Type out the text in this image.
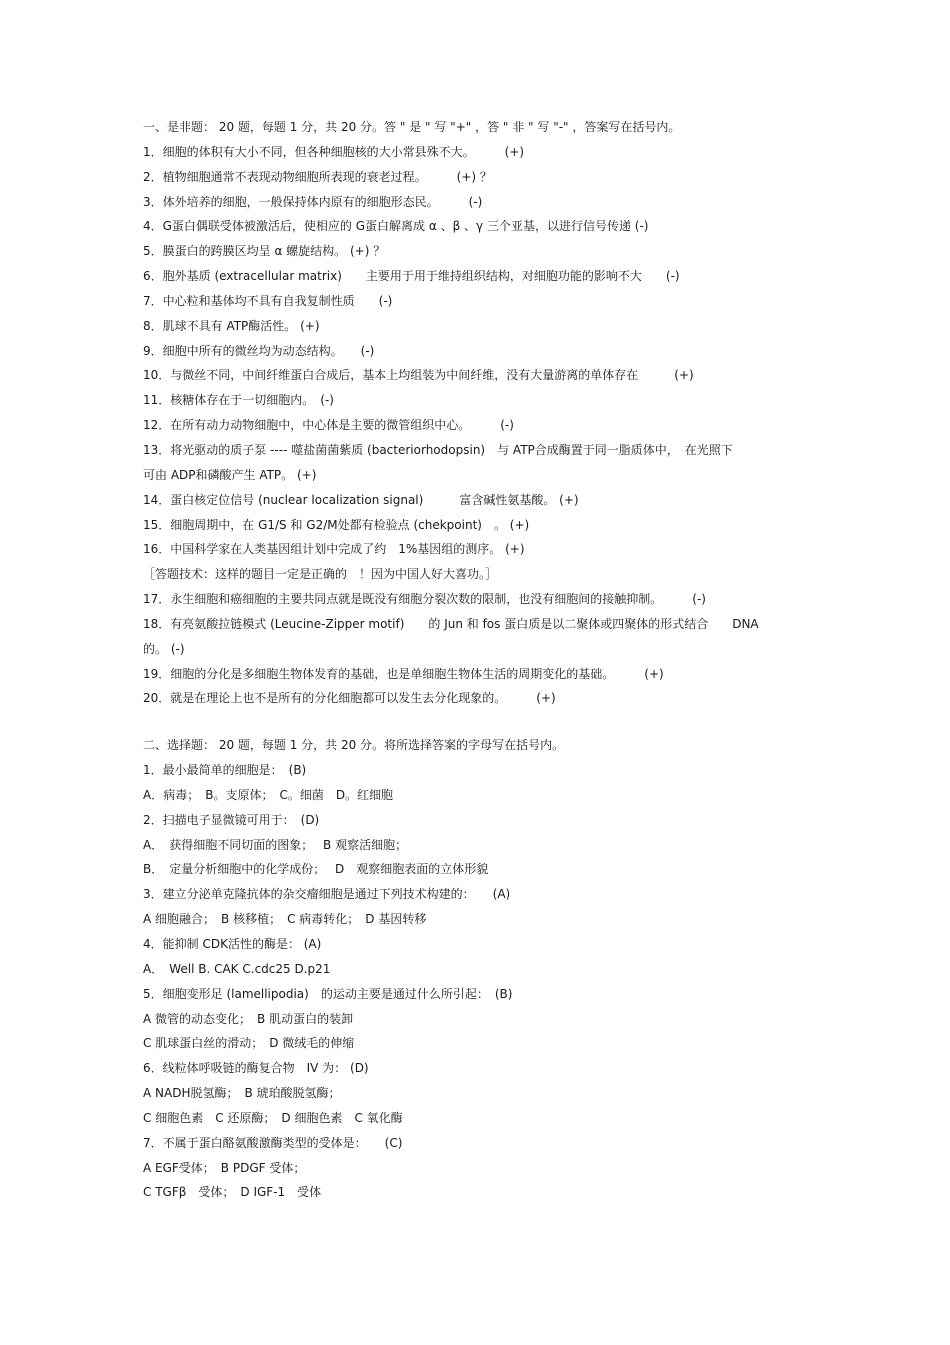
一、是非题： 20 题，每题 1 分，共 20 分。答 " 是 " 写 "+" ，答 " 非 " 写 "-" ，答案写在括号内。
1．细胞的体积有大小不同，但各种细胞核的大小常县殊不大。　　　(+)
2．植物细胞通常不表现动物细胞所表现的衰老过程。　　　(+) ？
3．体外培养的细胞，一般保持体内原有的细胞形态民。　　　(-)
4．G蛋白偶联受体被激活后，使相应的 G蛋白解离成 α 、β 、γ 三个亚基，以进行信号传递 (-)
5．膜蛋白的跨膜区均呈 α 螺旋结构。 (+) ？
6．胞外基质 (extracellular matrix)　　主要用于用于维持组织结构，对细胞功能的影响不大　　(-)
7．中心粒和基体均不具有自我复制性质　　(-)
8．肌球不具有 ATP酶活性。 (+)
9．细胞中所有的微丝均为动态结构。　　(-)
10．与微丝不同，中间纤维蛋白合成后，基本上均组装为中间纤维，没有大量游离的单体存在　　　(+)
11．核糖体存在于一切细胞内。　(-)
12．在所有动力动物细胞中，中心体是主要的微管组织中心。　　　(-)
13．将光驱动的质子泵 ---- 噬盐菌菌紫质 (bacteriorhodopsin)　与 ATP合成酶置于同一脂质体中，　在光照下
可由 ADP和磷酸产生 ATP。 (+)
14．蛋白核定位信号 (nuclear localization signal)　　　富含碱性氨基酸。 (+)
15．细胞周期中，在 G1/S 和 G2/M处都有检验点 (chekpoint)　。 (+)
16．中国科学家在人类基因组计划中完成了约　1%基因组的测序。 (+)
［答题技术：这样的题目一定是正确的　！因为中国人好大喜功。］
17．永生细胞和癌细胞的主要共同点就是既没有细胞分裂次数的限制，也没有细胞间的接触抑制。　　　(-)
18．有亮氨酸拉链模式 (Leucine-Zipper motif)　　的 Jun 和 fos 蛋白质是以二聚体或四聚体的形式结合　　DNA
的。 (-)
19．细胞的分化是多细胞生物体发育的基础，也是单细胞生物体生活的周期变化的基础。　　　(+)
20．就是在理论上也不是所有的分化细胞都可以发生去分化现象的。　　　(+)
二、选择题： 20 题，每题 1 分，共 20 分。将所选择答案的字母写在括号内。
1．最小最简单的细胞是：　(B)
A．病毒；　B。支原体；　C。细菌　D。红细胞
2．扫描电子显微镜可用于：　(D)
A．　获得细胞不同切面的图象；　 B 观察活细胞；
B．　定量分析细胞中的化学成份；　 D　观察细胞表面的立体形貌
3．建立分泌单克隆抗体的杂交瘤细胞是通过下列技术构建的：　　(A)
A 细胞融合；　B 核移植；　C 病毒转化；　D 基因转移
4．能抑制 CDK活性的酶是： (A)
A．　Well B. CAK C.cdc25 D.p21
5．细胞变形足 (lamellipodia)　的运动主要是通过什么所引起：　(B)
A 微管的动态变化；　B 肌动蛋白的装卸
C 肌球蛋白丝的滑动；　D 微绒毛的伸缩
6．线粒体呼吸链的酶复合物　IV 为： (D)
A NADH脱氢酶；　B 琥珀酸脱氢酶；
C 细胞色素　C 还原酶；　D 细胞色素　C 氧化酶
7．不属于蛋白酪氨酸激酶类型的受体是：　　(C)
A EGF受体；　B PDGF 受体；
C TGFβ　受体；　D IGF-1　受体
